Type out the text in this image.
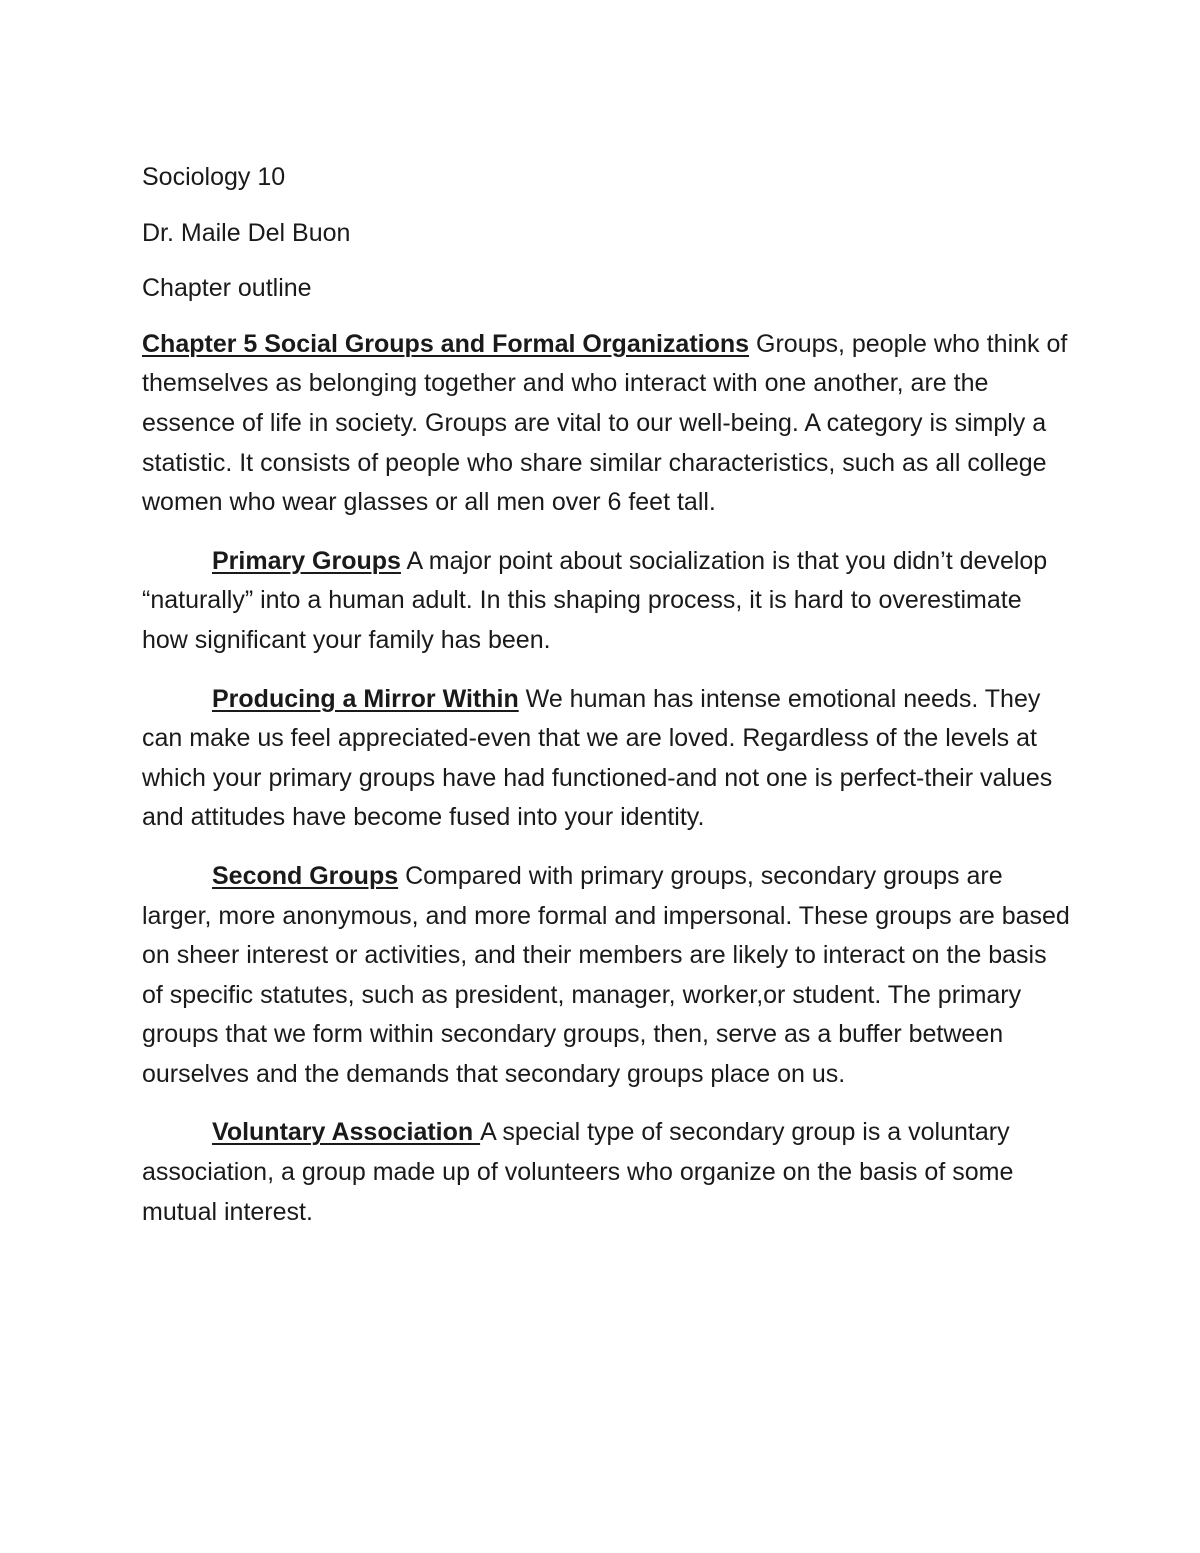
Sociology 10

Dr. Maile Del Buon

Chapter outline

Chapter 5 Social Groups and Formal Organizations Groups, people who think of themselves as belonging together and who interact with one another, are the essence of life in society. Groups are vital to our well-being. A category is simply a statistic. It consists of people who share similar characteristics, such as all college women who wear glasses or all men over 6 feet tall.

Primary Groups A major point about socialization is that you didn’t develop “naturally” into a human adult. In this shaping process, it is hard to overestimate how significant your family has been.

Producing a Mirror Within We human has intense emotional needs. They can make us feel appreciated-even that we are loved. Regardless of the levels at which your primary groups have had functioned-and not one is perfect-their values and attitudes have become fused into your identity.

Second Groups Compared with primary groups, secondary groups are larger, more anonymous, and more formal and impersonal. These groups are based on sheer interest or activities, and their members are likely to interact on the basis of specific statutes, such as president, manager, worker,or student. The primary groups that we form within secondary groups, then, serve as a buffer between ourselves and the demands that secondary groups place on us.

Voluntary Association A special type of secondary group is a voluntary association, a group made up of volunteers who organize on the basis of some mutual interest.
